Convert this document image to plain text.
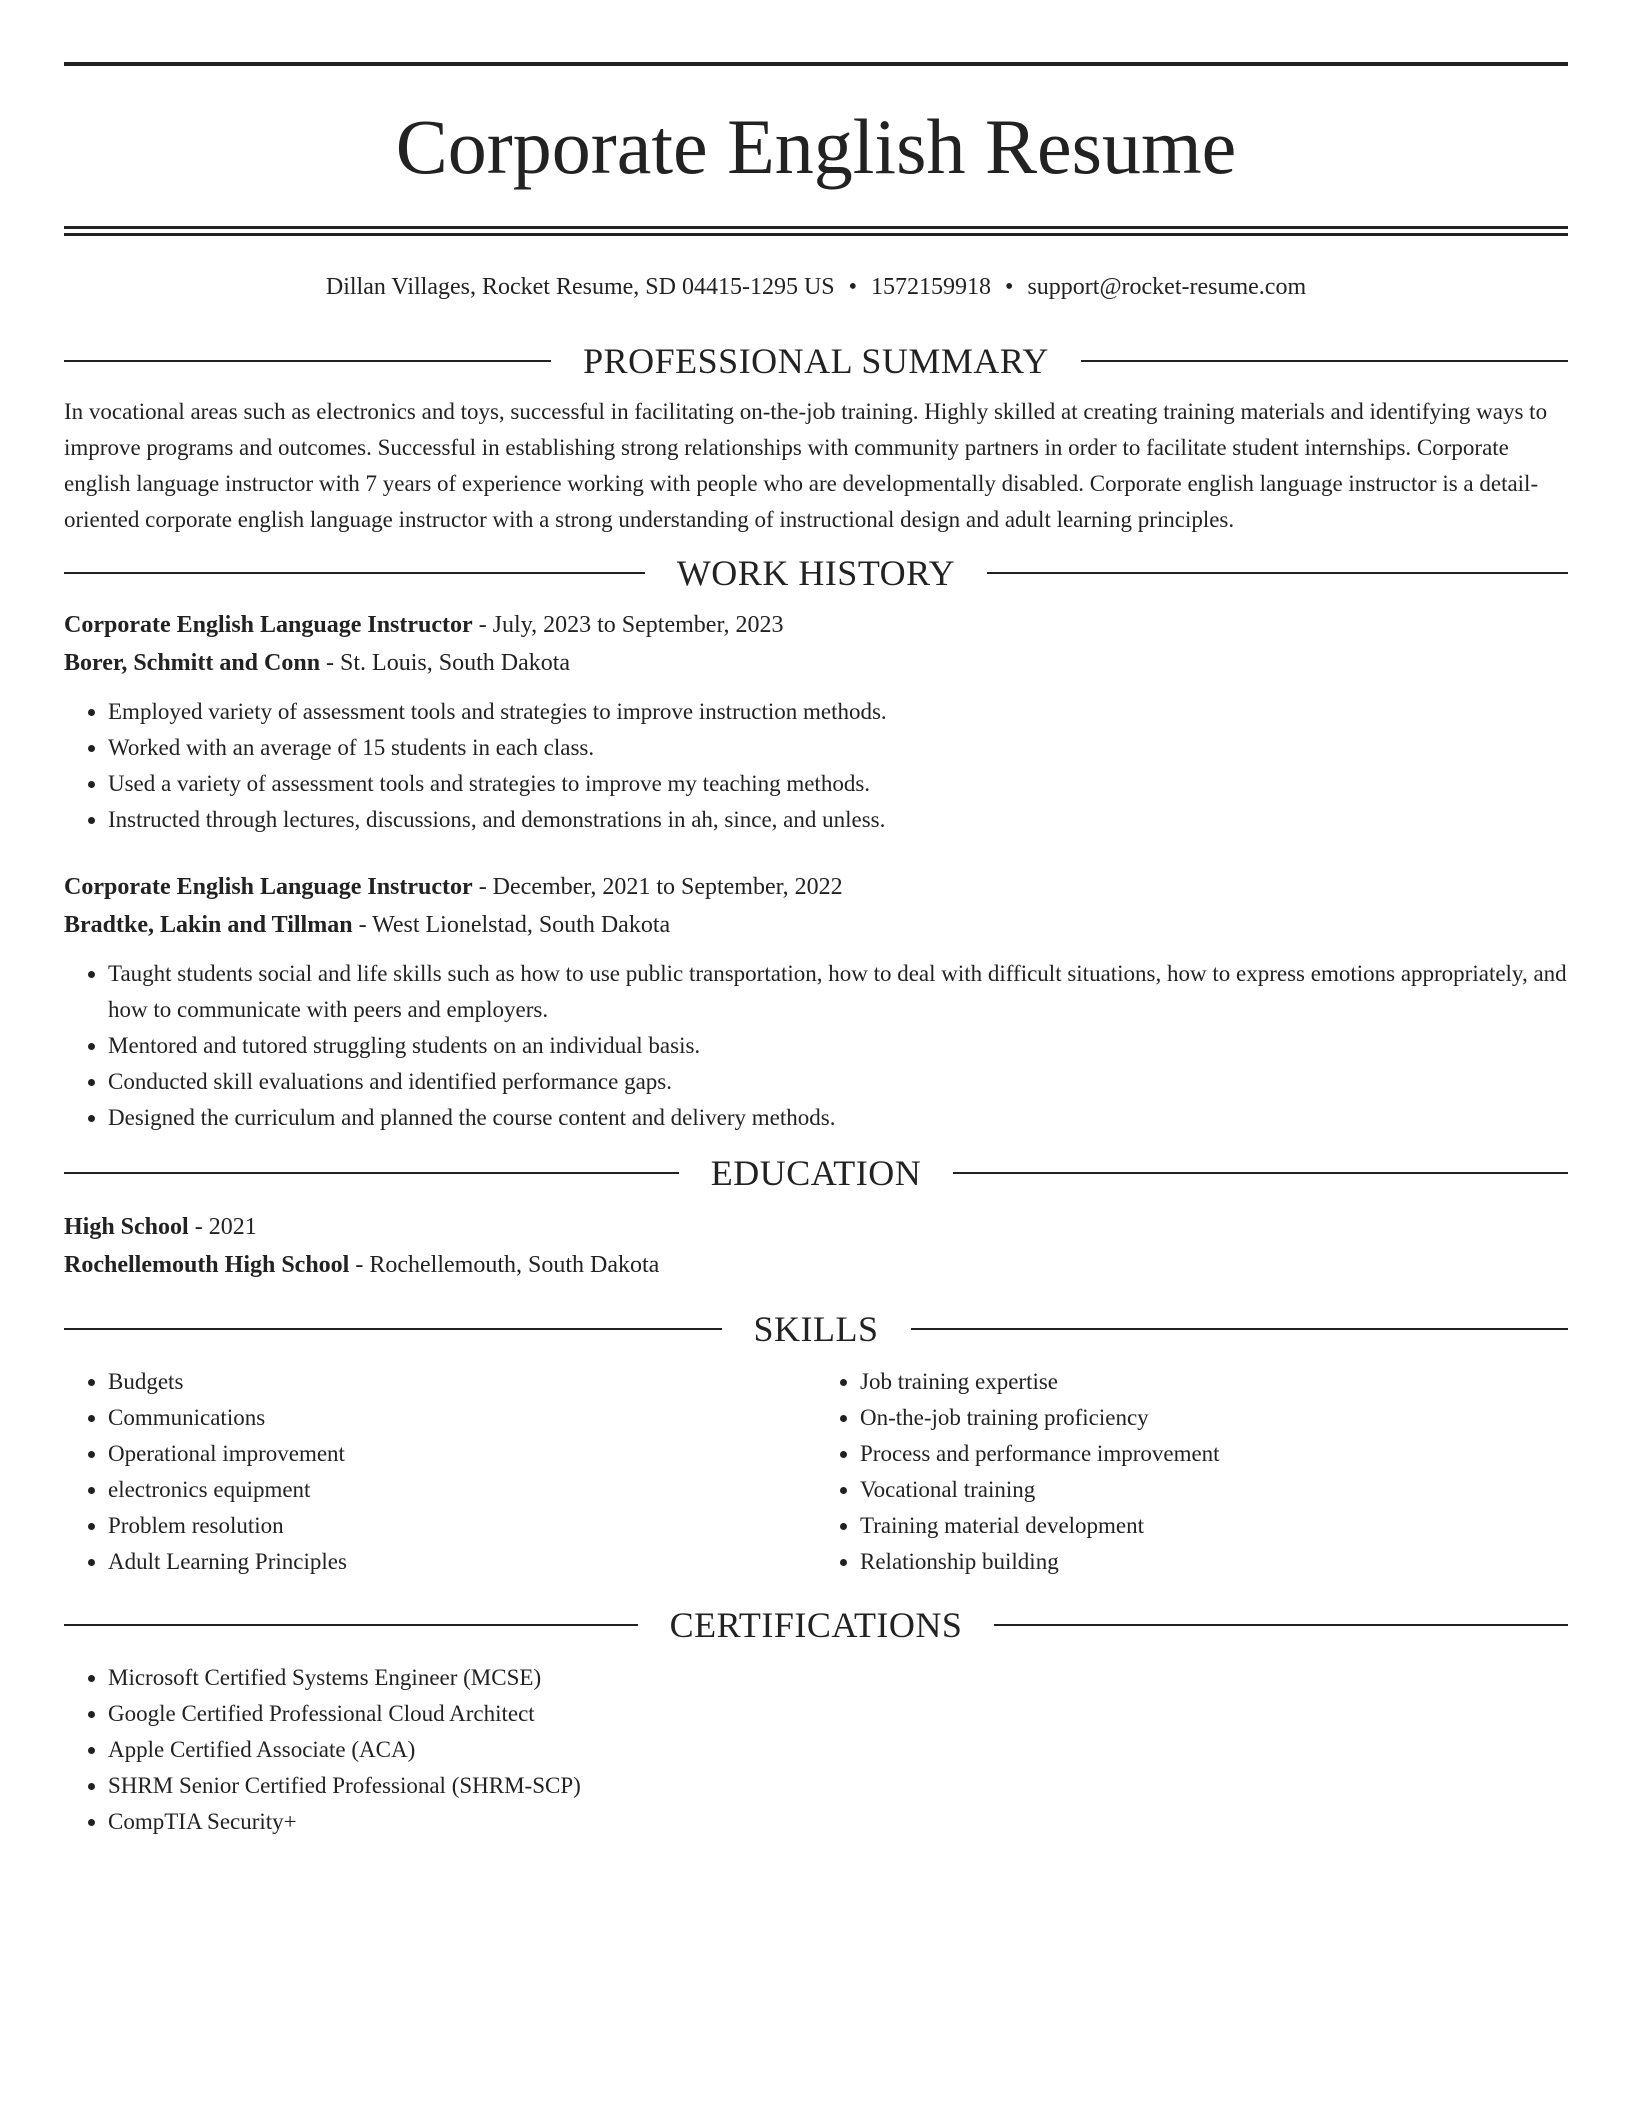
Corporate English Resume
Dillan Villages, Rocket Resume, SD 04415-1295 US • 1572159918 • support@rocket-resume.com
PROFESSIONAL SUMMARY
In vocational areas such as electronics and toys, successful in facilitating on-the-job training. Highly skilled at creating training materials and identifying ways to improve programs and outcomes. Successful in establishing strong relationships with community partners in order to facilitate student internships. Corporate english language instructor with 7 years of experience working with people who are developmentally disabled. Corporate english language instructor is a detail-oriented corporate english language instructor with a strong understanding of instructional design and adult learning principles.
WORK HISTORY
Corporate English Language Instructor - July, 2023 to September, 2023
Borer, Schmitt and Conn - St. Louis, South Dakota
• Employed variety of assessment tools and strategies to improve instruction methods.
• Worked with an average of 15 students in each class.
• Used a variety of assessment tools and strategies to improve my teaching methods.
• Instructed through lectures, discussions, and demonstrations in ah, since, and unless.
Corporate English Language Instructor - December, 2021 to September, 2022
Bradtke, Lakin and Tillman - West Lionelstad, South Dakota
• Taught students social and life skills such as how to use public transportation, how to deal with difficult situations, how to express emotions appropriately, and how to communicate with peers and employers.
• Mentored and tutored struggling students on an individual basis.
• Conducted skill evaluations and identified performance gaps.
• Designed the curriculum and planned the course content and delivery methods.
EDUCATION
High School - 2021
Rochellemouth High School - Rochellemouth, South Dakota
SKILLS
• Budgets
• Communications
• Operational improvement
• electronics equipment
• Problem resolution
• Adult Learning Principles
• Job training expertise
• On-the-job training proficiency
• Process and performance improvement
• Vocational training
• Training material development
• Relationship building
CERTIFICATIONS
• Microsoft Certified Systems Engineer (MCSE)
• Google Certified Professional Cloud Architect
• Apple Certified Associate (ACA)
• SHRM Senior Certified Professional (SHRM-SCP)
• CompTIA Security+
